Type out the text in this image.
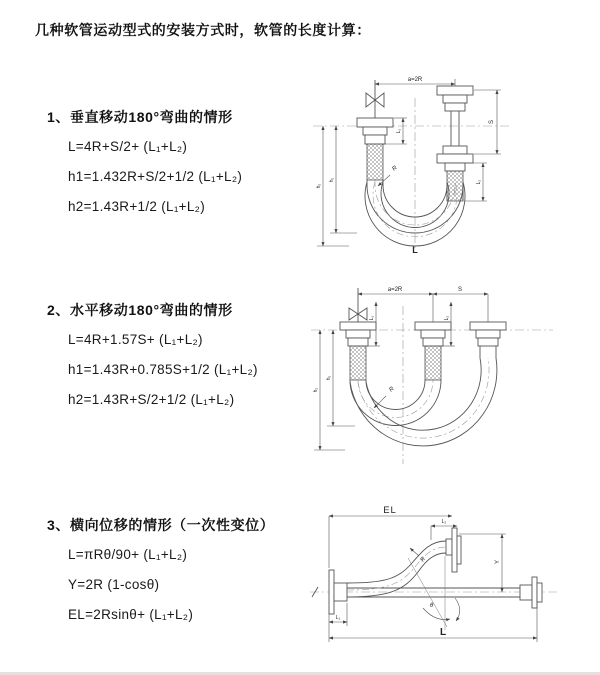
几种软管运动型式的安装方式时，软管的长度计算：
1、垂直移动180°弯曲的情形
L=4R+S/2+ (L₁+L₂)
h1=1.432R+S/2+1/2 (L₁+L₂)
h2=1.43R+1/2 (L₁+L₂)
2、水平移动180°弯曲的情形
L=4R+1.57S+ (L₁+L₂)
h1=1.43R+0.785S+1/2 (L₁+L₂)
h2=1.43R+S/2+1/2 (L₁+L₂)
3、横向位移的情形（一次性变位）
L=πRθ/90+ (L₁+L₂)
Y=2R (1-cosθ)
EL=2Rsinθ+ (L₁+L₂)
a=2R
S
L₂
L₁
h₂
h₁
R
L
a=2R	S
h₂
h₁
L₁	L₂
R
θ
R
EL
L₂
Y
L
L₁
